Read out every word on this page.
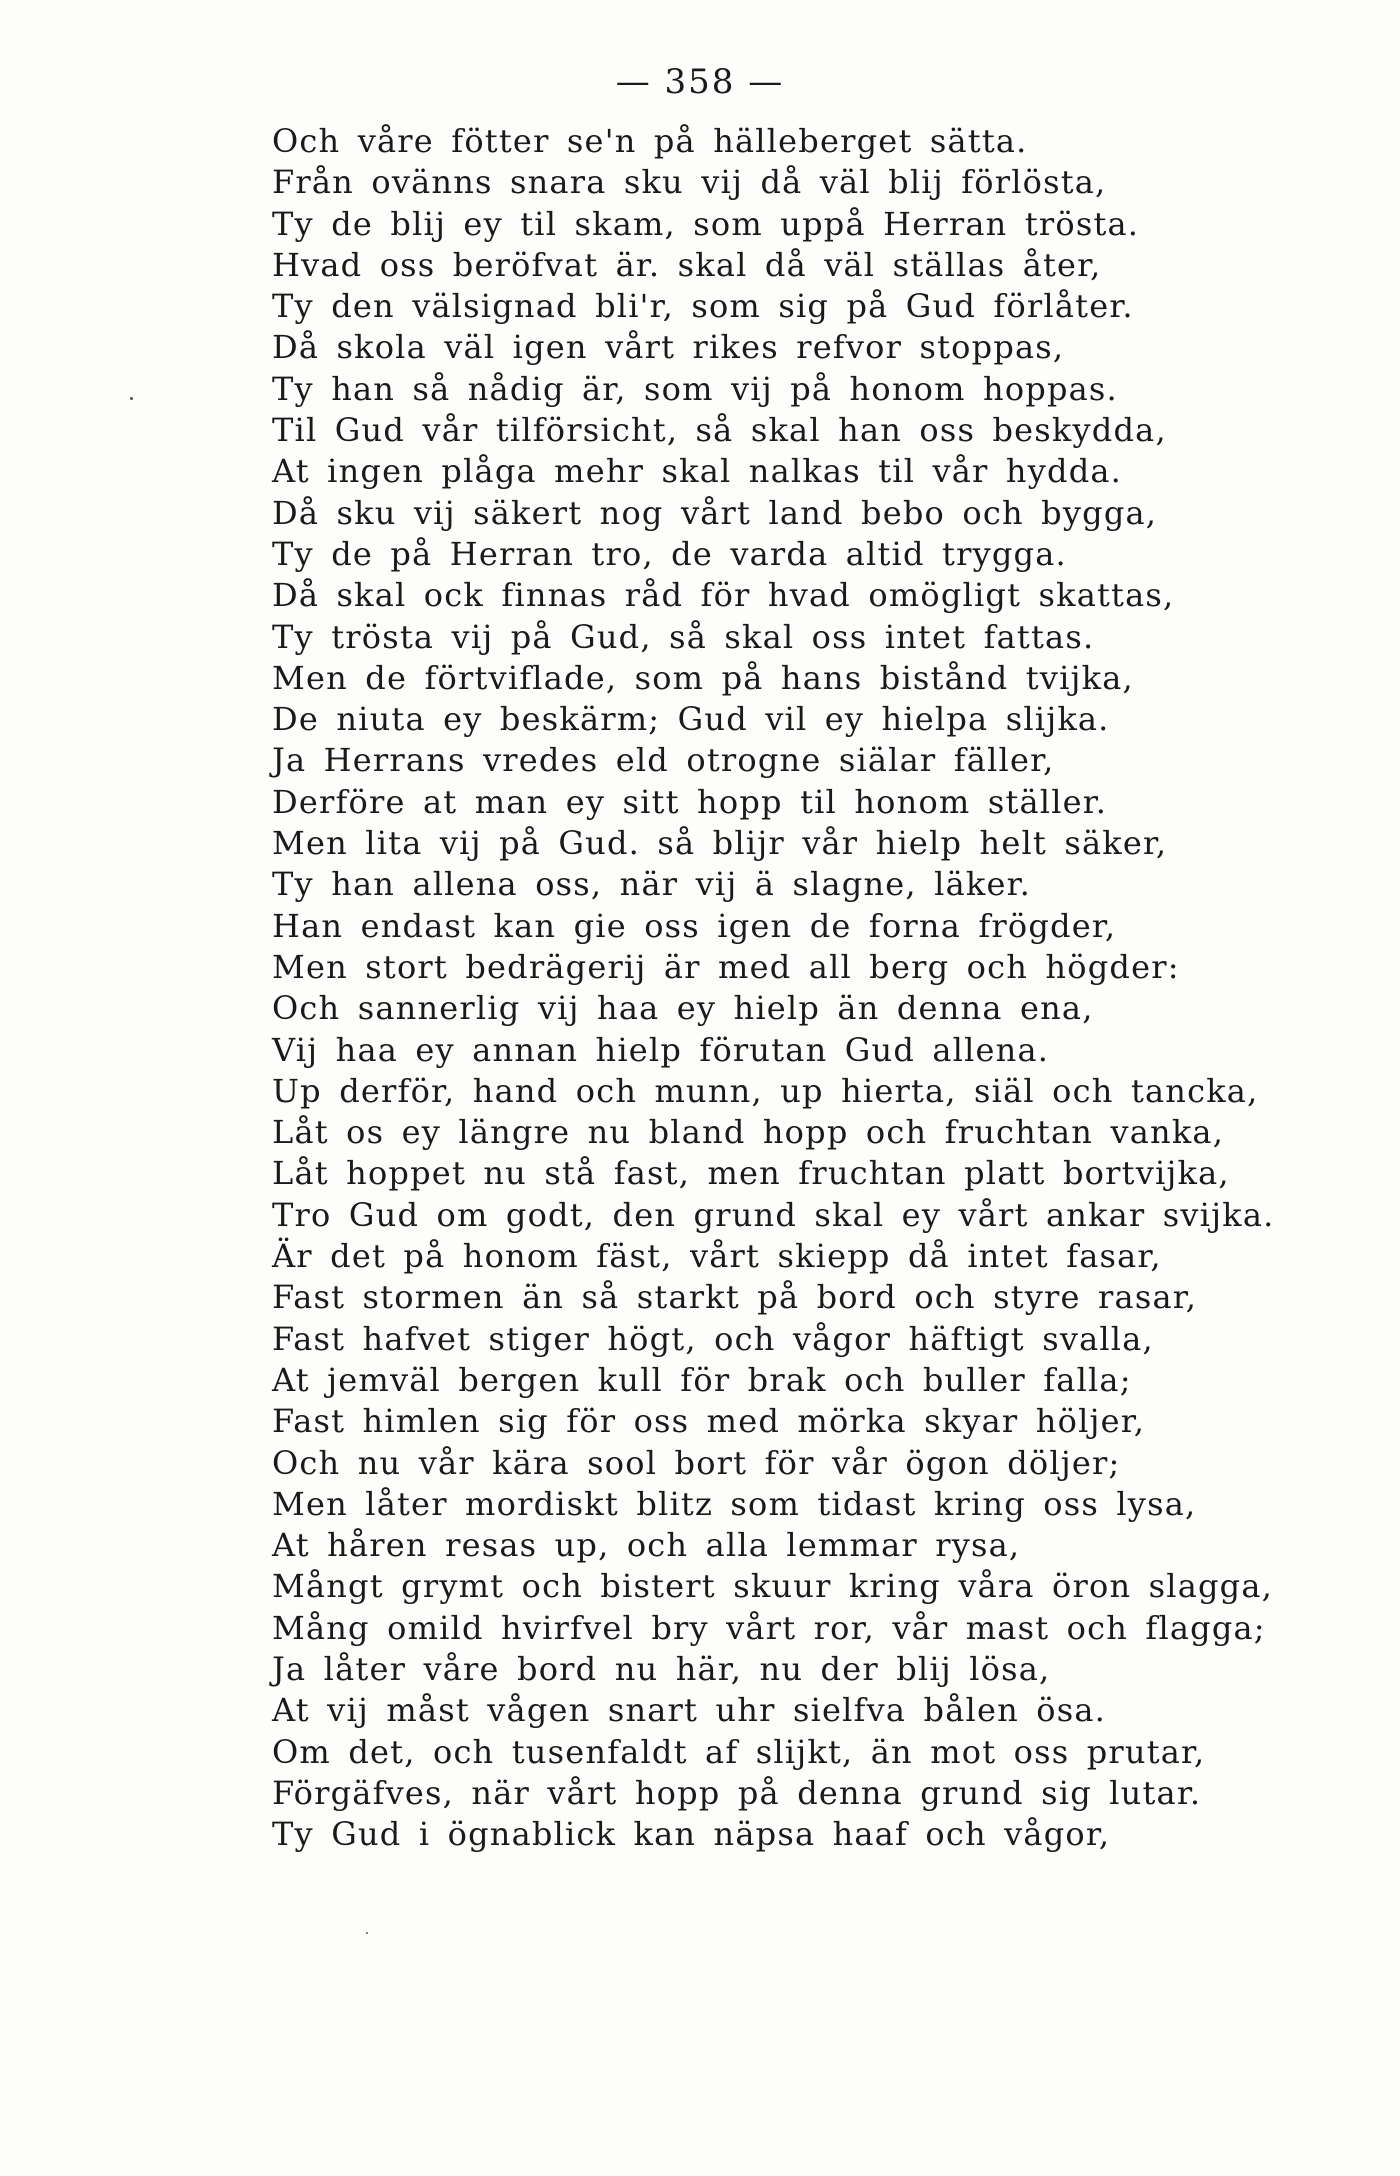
— 358 —
Och våre fötter se'n på hälleberget sätta.
Från ovänns snara sku vij då väl blij förlösta,
Ty de blij ey til skam, som uppå Herran trösta.
Hvad oss beröfvat är. skal då väl ställas åter,
Ty den välsignad bli'r, som sig på Gud förlåter.
Då skola väl igen vårt rikes refvor stoppas,
Ty han så nådig är, som vij på honom hoppas.
Til Gud vår tilförsicht, så skal han oss beskydda,
At ingen plåga mehr skal nalkas til vår hydda.
Då sku vij säkert nog vårt land bebo och bygga,
Ty de på Herran tro, de varda altid trygga.
Då skal ock finnas råd för hvad omögligt skattas,
Ty trösta vij på Gud, så skal oss intet fattas.
Men de förtviflade, som på hans bistånd tvijka,
De niuta ey beskärm; Gud vil ey hielpa slijka.
Ja Herrans vredes eld otrogne siälar fäller,
Derföre at man ey sitt hopp til honom ställer.
Men lita vij på Gud. så blijr vår hielp helt säker,
Ty han allena oss, när vij ä slagne, läker.
Han endast kan gie oss igen de forna frögder,
Men stort bedrägerij är med all berg och högder:
Och sannerlig vij haa ey hielp än denna ena,
Vij haa ey annan hielp förutan Gud allena.
Up derför, hand och munn, up hierta, siäl och tancka,
Låt os ey längre nu bland hopp och fruchtan vanka,
Låt hoppet nu stå fast, men fruchtan platt bortvijka,
Tro Gud om godt, den grund skal ey vårt ankar svijka.
Är det på honom fäst, vårt skiepp då intet fasar,
Fast stormen än så starkt på bord och styre rasar,
Fast hafvet stiger högt, och vågor häftigt svalla,
At jemväl bergen kull för brak och buller falla;
Fast himlen sig för oss med mörka skyar höljer,
Och nu vår kära sool bort för vår ögon döljer;
Men låter mordiskt blitz som tidast kring oss lysa,
At håren resas up, och alla lemmar rysa,
Mångt grymt och bistert skuur kring våra öron slagga,
Mång omild hvirfvel bry vårt ror, vår mast och flagga;
Ja låter våre bord nu här, nu der blij lösa,
At vij måst vågen snart uhr sielfva bålen ösa.
Om det, och tusenfaldt af slijkt, än mot oss prutar,
Förgäfves, när vårt hopp på denna grund sig lutar.
Ty Gud i ögnablick kan näpsa haaf och vågor,
